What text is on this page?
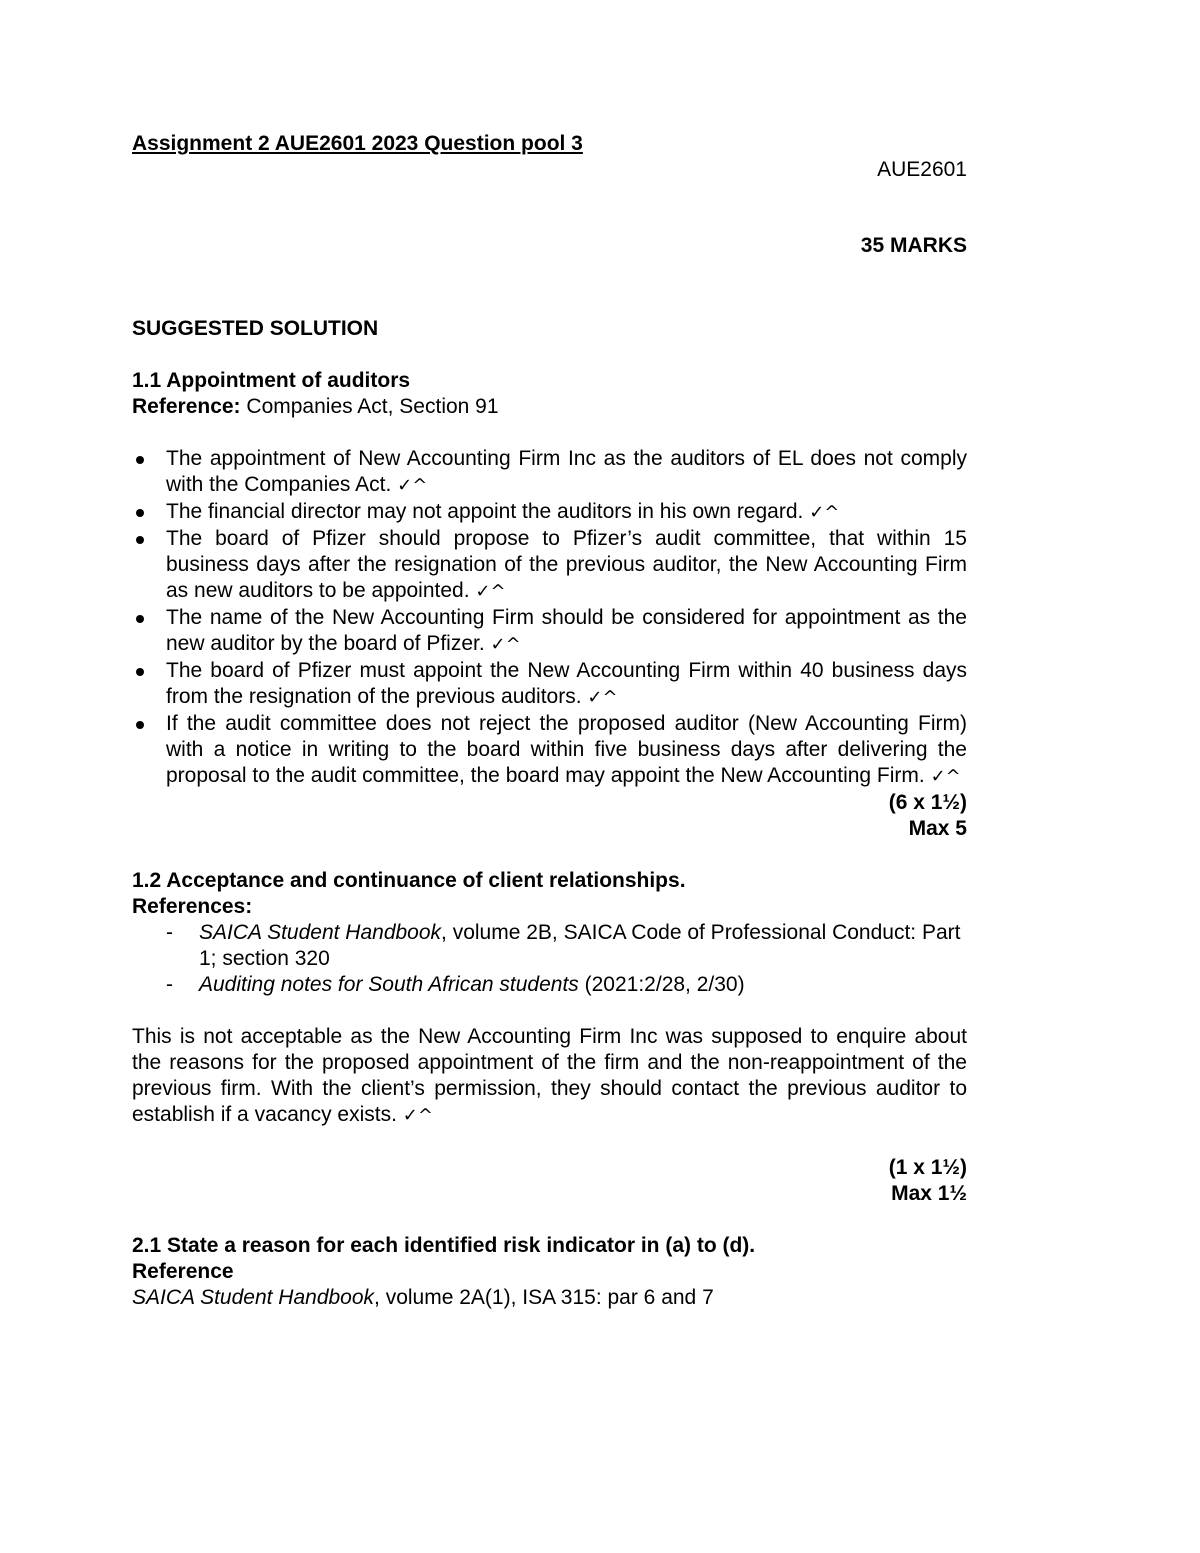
Assignment 2 AUE2601 2023 Question pool 3
AUE2601
35 MARKS
SUGGESTED SOLUTION
1.1 Appointment of auditors
Reference: Companies Act, Section 91
The appointment of New Accounting Firm Inc as the auditors of EL does not comply with the Companies Act. ✓^
The financial director may not appoint the auditors in his own regard. ✓^
The board of Pfizer should propose to Pfizer’s audit committee, that within 15 business days after the resignation of the previous auditor, the New Accounting Firm as new auditors to be appointed. ✓^
The name of the New Accounting Firm should be considered for appointment as the new auditor by the board of Pfizer. ✓^
The board of Pfizer must appoint the New Accounting Firm within 40 business days from the resignation of the previous auditors. ✓^
If the audit committee does not reject the proposed auditor (New Accounting Firm) with a notice in writing to the board within five business days after delivering the proposal to the audit committee, the board may appoint the New Accounting Firm. ✓^
(6 x 1½)
Max 5
1.2 Acceptance and continuance of client relationships.
References:
- SAICA Student Handbook, volume 2B, SAICA Code of Professional Conduct: Part 1; section 320
- Auditing notes for South African students (2021:2/28, 2/30)
This is not acceptable as the New Accounting Firm Inc was supposed to enquire about the reasons for the proposed appointment of the firm and the non-reappointment of the previous firm. With the client’s permission, they should contact the previous auditor to establish if a vacancy exists. ✓^
(1 x 1½)
Max 1½
2.1 State a reason for each identified risk indicator in (a) to (d).
Reference
SAICA Student Handbook, volume 2A(1), ISA 315: par 6 and 7
